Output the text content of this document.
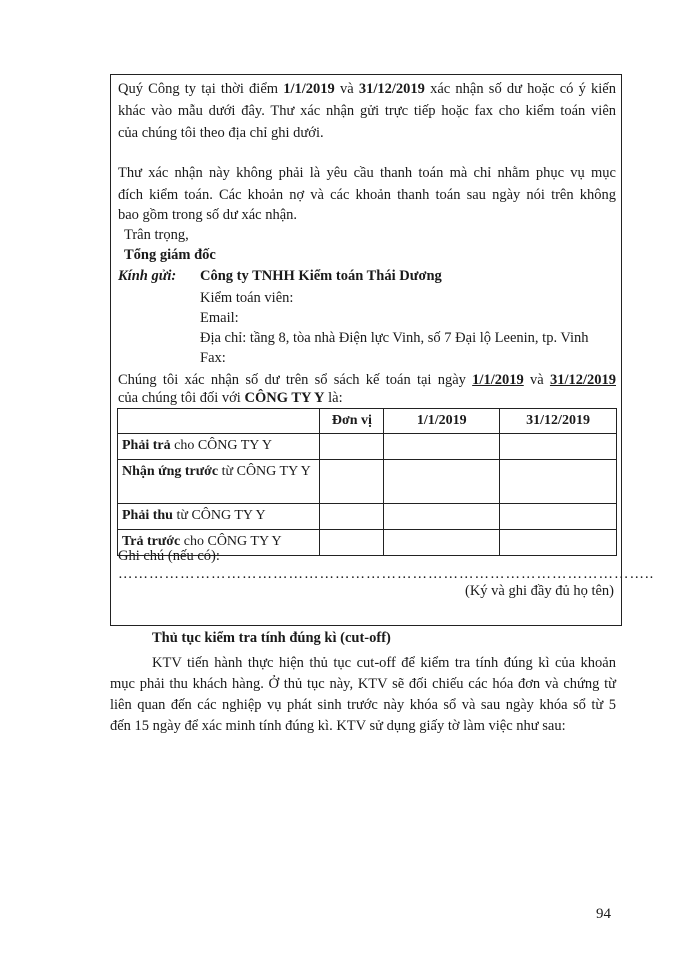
Quý Công ty tại thời điểm 1/1/2019 và 31/12/2019 xác nhận số dư hoặc có ý kiến
khác vào mẫu dưới đây. Thư xác nhận gửi trực tiếp hoặc fax cho kiểm toán viên
của chúng tôi theo địa chỉ ghi dưới.
Thư xác nhận này không phải là yêu cầu thanh toán mà chỉ nhằm phục vụ mục
đích kiểm toán. Các khoản nợ và các khoản thanh toán sau ngày nói trên không
bao gồm trong số dư xác nhận.
Trân trọng,
Tổng giám đốc
Kính gửi: Công ty TNHH Kiểm toán Thái Dương
Kiểm toán viên:
Email:
Địa chỉ: tầng 8, tòa nhà Điện lực Vinh, số 7 Đại lộ Leenin, tp. Vinh
Fax:
Chúng tôi xác nhận số dư trên sổ sách kế toán tại ngày 1/1/2019 và 31/12/2019
của chúng tôi đối với CÔNG TY Y là:
	Đơn vị	1/1/2019	31/12/2019
Phải trả cho CÔNG TY Y			
Nhận ứng trước từ CÔNG TY Y			
Phải thu từ CÔNG TY Y			
Trả trước cho CÔNG TY Y			
Ghi chú (nếu có):
…………………………………………………………………………………………..
(Ký và ghi đầy đủ họ tên)
Thủ tục kiểm tra tính đúng kì (cut-off)
KTV tiến hành thực hiện thủ tục cut-off để kiểm tra tính đúng kì của khoản
mục phải thu khách hàng. Ở thủ tục này, KTV sẽ đối chiếu các hóa đơn và chứng từ
liên quan đến các nghiệp vụ phát sinh trước này khóa sổ và sau ngày khóa sổ từ 5
đến 15 ngày để xác minh tính đúng kì. KTV sử dụng giấy tờ làm việc như sau:
94
